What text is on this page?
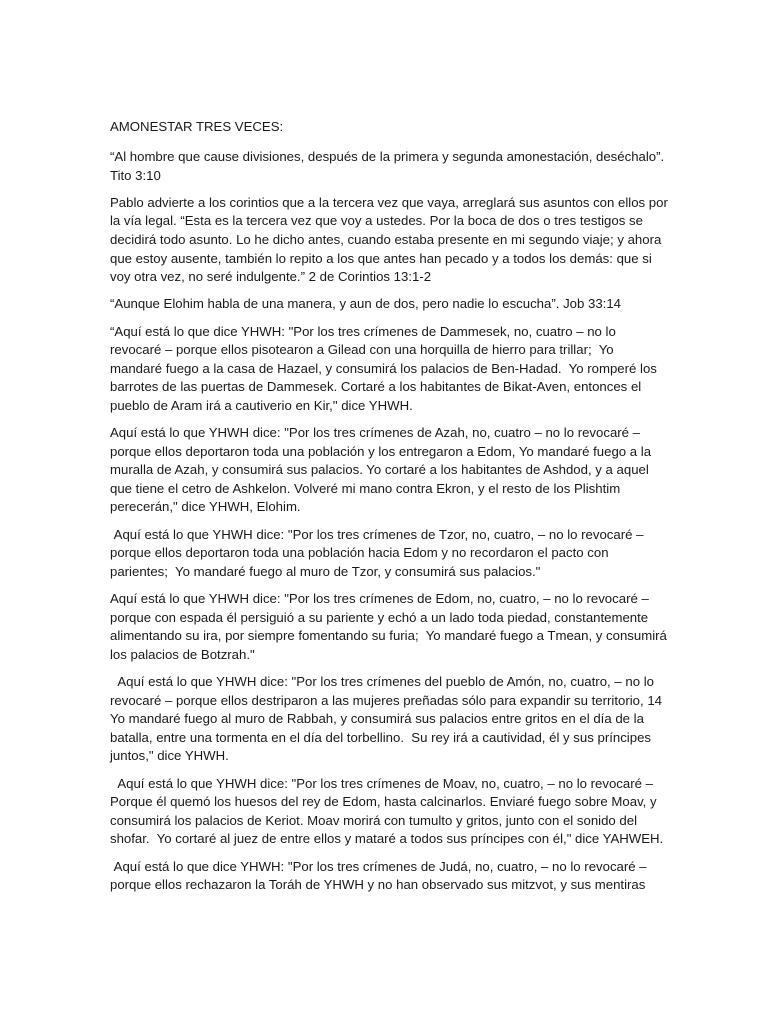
AMONESTAR TRES VECES:

“Al hombre que cause divisiones, después de la primera y segunda amonestación, deséchalo”. Tito 3:10

Pablo advierte a los corintios que a la tercera vez que vaya, arreglará sus asuntos con ellos por la vía legal. “Esta es la tercera vez que voy a ustedes. Por la boca de dos o tres testigos se decidirá todo asunto. Lo he dicho antes, cuando estaba presente en mi segundo viaje; y ahora que estoy ausente, también lo repito a los que antes han pecado y a todos los demás: que si voy otra vez, no seré indulgente.” 2 de Corintios 13:1-2

“Aunque Elohim habla de una manera, y aun de dos, pero nadie lo escucha”. Job 33:14

“Aquí está lo que dice YHWH: "Por los tres crímenes de Dammesek, no, cuatro – no lo revocaré – porque ellos pisotearon a Gilead con una horquilla de hierro para trillar;  Yo mandaré fuego a la casa de Hazael, y consumirá los palacios de Ben-Hadad.  Yo romperé los barrotes de las puertas de Dammesek. Cortaré a los habitantes de Bikat-Aven, entonces el pueblo de Aram irá a cautiverio en Kir," dice YHWH.

Aquí está lo que YHWH dice: "Por los tres crímenes de Azah, no, cuatro – no lo revocaré – porque ellos deportaron toda una población y los entregaron a Edom, Yo mandaré fuego a la muralla de Azah, y consumirá sus palacios. Yo cortaré a los habitantes de Ashdod, y a aquel que tiene el cetro de Ashkelon. Volveré mi mano contra Ekron, y el resto de los Plishtim perecerán," dice YHWH, Elohim.

Aquí está lo que YHWH dice: "Por los tres crímenes de Tzor, no, cuatro, – no lo revocaré – porque ellos deportaron toda una población hacia Edom y no recordaron el pacto con parientes;  Yo mandaré fuego al muro de Tzor, y consumirá sus palacios."

Aquí está lo que YHWH dice: "Por los tres crímenes de Edom, no, cuatro, – no lo revocaré – porque con espada él persiguió a su pariente y echó a un lado toda piedad, constantemente alimentando su ira, por siempre fomentando su furia;  Yo mandaré fuego a Tmean, y consumirá los palacios de Botzrah."

Aquí está lo que YHWH dice: "Por los tres crímenes del pueblo de Amón, no, cuatro, – no lo revocaré – porque ellos destriparon a las mujeres preñadas sólo para expandir su territorio, 14 Yo mandaré fuego al muro de Rabbah, y consumirá sus palacios entre gritos en el día de la batalla, entre una tormenta en el día del torbellino.  Su rey irá a cautividad, él y sus príncipes juntos," dice YHWH.

Aquí está lo que YHWH dice: "Por los tres crímenes de Moav, no, cuatro, – no lo revocaré – Porque él quemó los huesos del rey de Edom, hasta calcinarlos. Enviaré fuego sobre Moav, y consumirá los palacios de Keriot. Moav morirá con tumulto y gritos, junto con el sonido del shofar.  Yo cortaré al juez de entre ellos y mataré a todos sus príncipes con él," dice YAHWEH.

Aquí está lo que dice YHWH: "Por los tres crímenes de Judá, no, cuatro, – no lo revocaré – porque ellos rechazaron la Toráh de YHWH y no han observado sus mitzvot, y sus mentiras
